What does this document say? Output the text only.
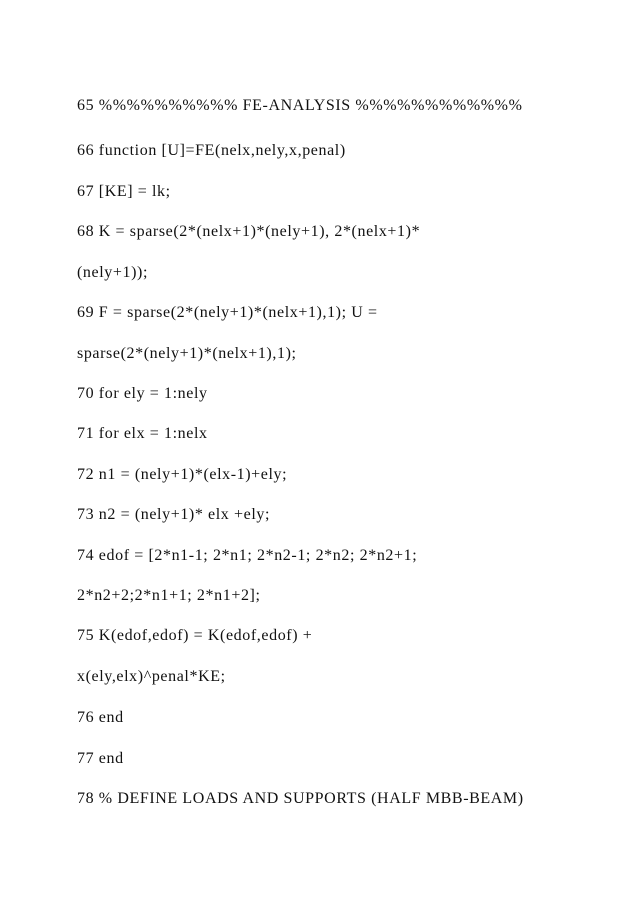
65 %%%%%%%%%% FE-ANALYSIS %%%%%%%%%%%%

66 function [U]=FE(nelx,nely,x,penal)

67 [KE] = lk;

68 K = sparse(2*(nelx+1)*(nely+1), 2*(nelx+1)*

(nely+1));

69 F = sparse(2*(nely+1)*(nelx+1),1); U =

sparse(2*(nely+1)*(nelx+1),1);

70 for ely = 1:nely

71 for elx = 1:nelx

72 n1 = (nely+1)*(elx-1)+ely;

73 n2 = (nely+1)* elx +ely;

74 edof = [2*n1-1; 2*n1; 2*n2-1; 2*n2; 2*n2+1;

2*n2+2;2*n1+1; 2*n1+2];

75 K(edof,edof) = K(edof,edof) +

x(ely,elx)^penal*KE;

76 end

77 end

78 % DEFINE LOADS AND SUPPORTS (HALF MBB-BEAM)
